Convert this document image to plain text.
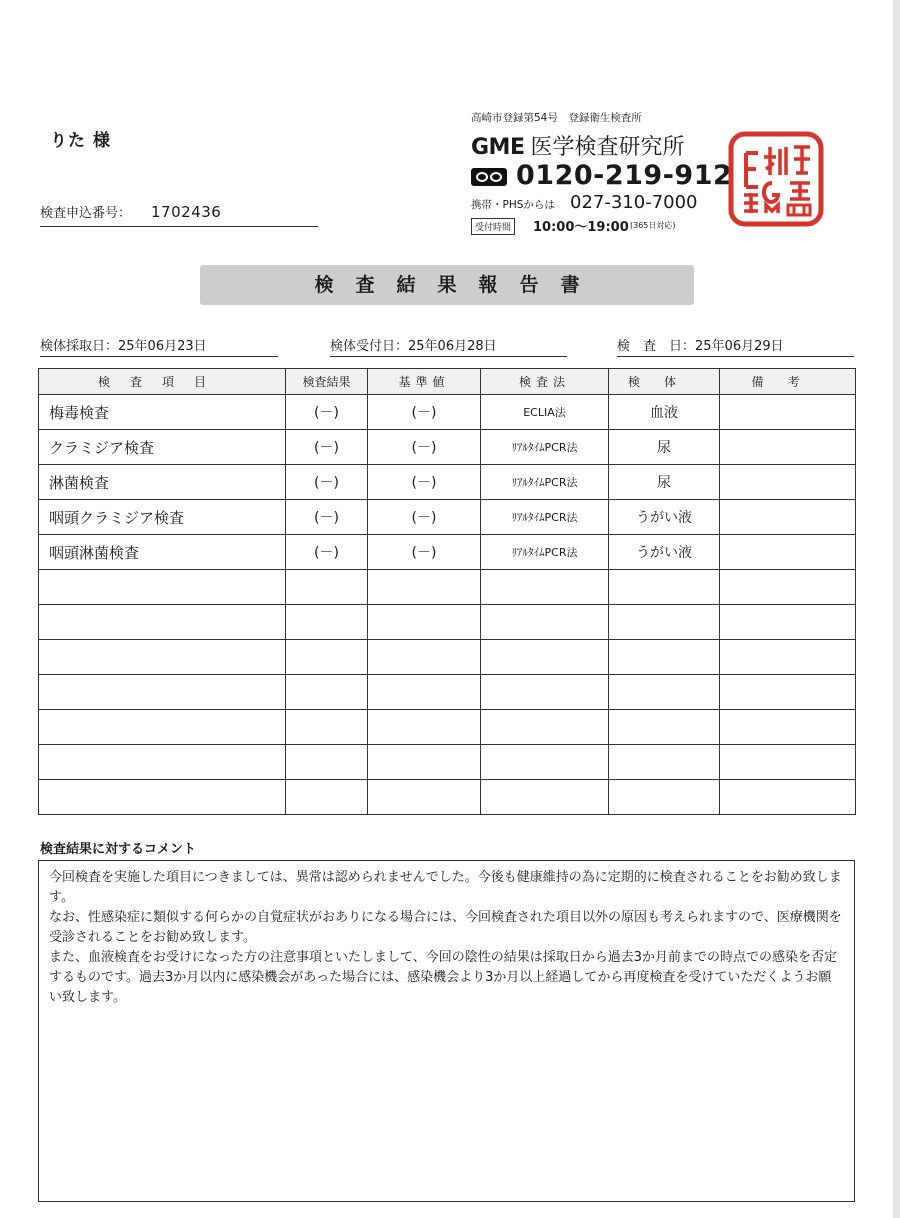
りた 様
検査申込番号： 1702436
高崎市登録第54号　登録衛生検査所
GME 医学検査研究所
0120-219-912
携帯・PHSからは 027-310-7000
受付時間	10:00〜19:00 (365日対応)
検査結果報告書
検体採取日：25年06月23日	検体受付日：25年06月28日	検　査　日：25年06月29日
検査項目	検査結果	基準値	検査法	検体	備考
梅毒検査	(－)	(－)	ECLIA法	血液	
クラミジア検査	(－)	(－)	ﾘｱﾙﾀｲﾑPCR法	尿	
淋菌検査	(－)	(－)	ﾘｱﾙﾀｲﾑPCR法	尿	
咽頭クラミジア検査	(－)	(－)	ﾘｱﾙﾀｲﾑPCR法	うがい液	
咽頭淋菌検査	(－)	(－)	ﾘｱﾙﾀｲﾑPCR法	うがい液	

検査結果に対するコメント

今回検査を実施した項目につきましては、異常は認められませんでした。今後も健康維持の為に定期的に検査されることをお勧め致します。

なお、性感染症に類似する何らかの自覚症状がおありになる場合には、今回検査された項目以外の原因も考えられますので、医療機関を受診されることをお勧め致します。

また、血液検査をお受けになった方の注意事項といたしまして、今回の陰性の結果は採取日から過去3か月前までの時点での感染を否定するものです。過去3か月以内に感染機会があった場合には、感染機会より3か月以上経過してから再度検査を受けていただくようお願い致します。
